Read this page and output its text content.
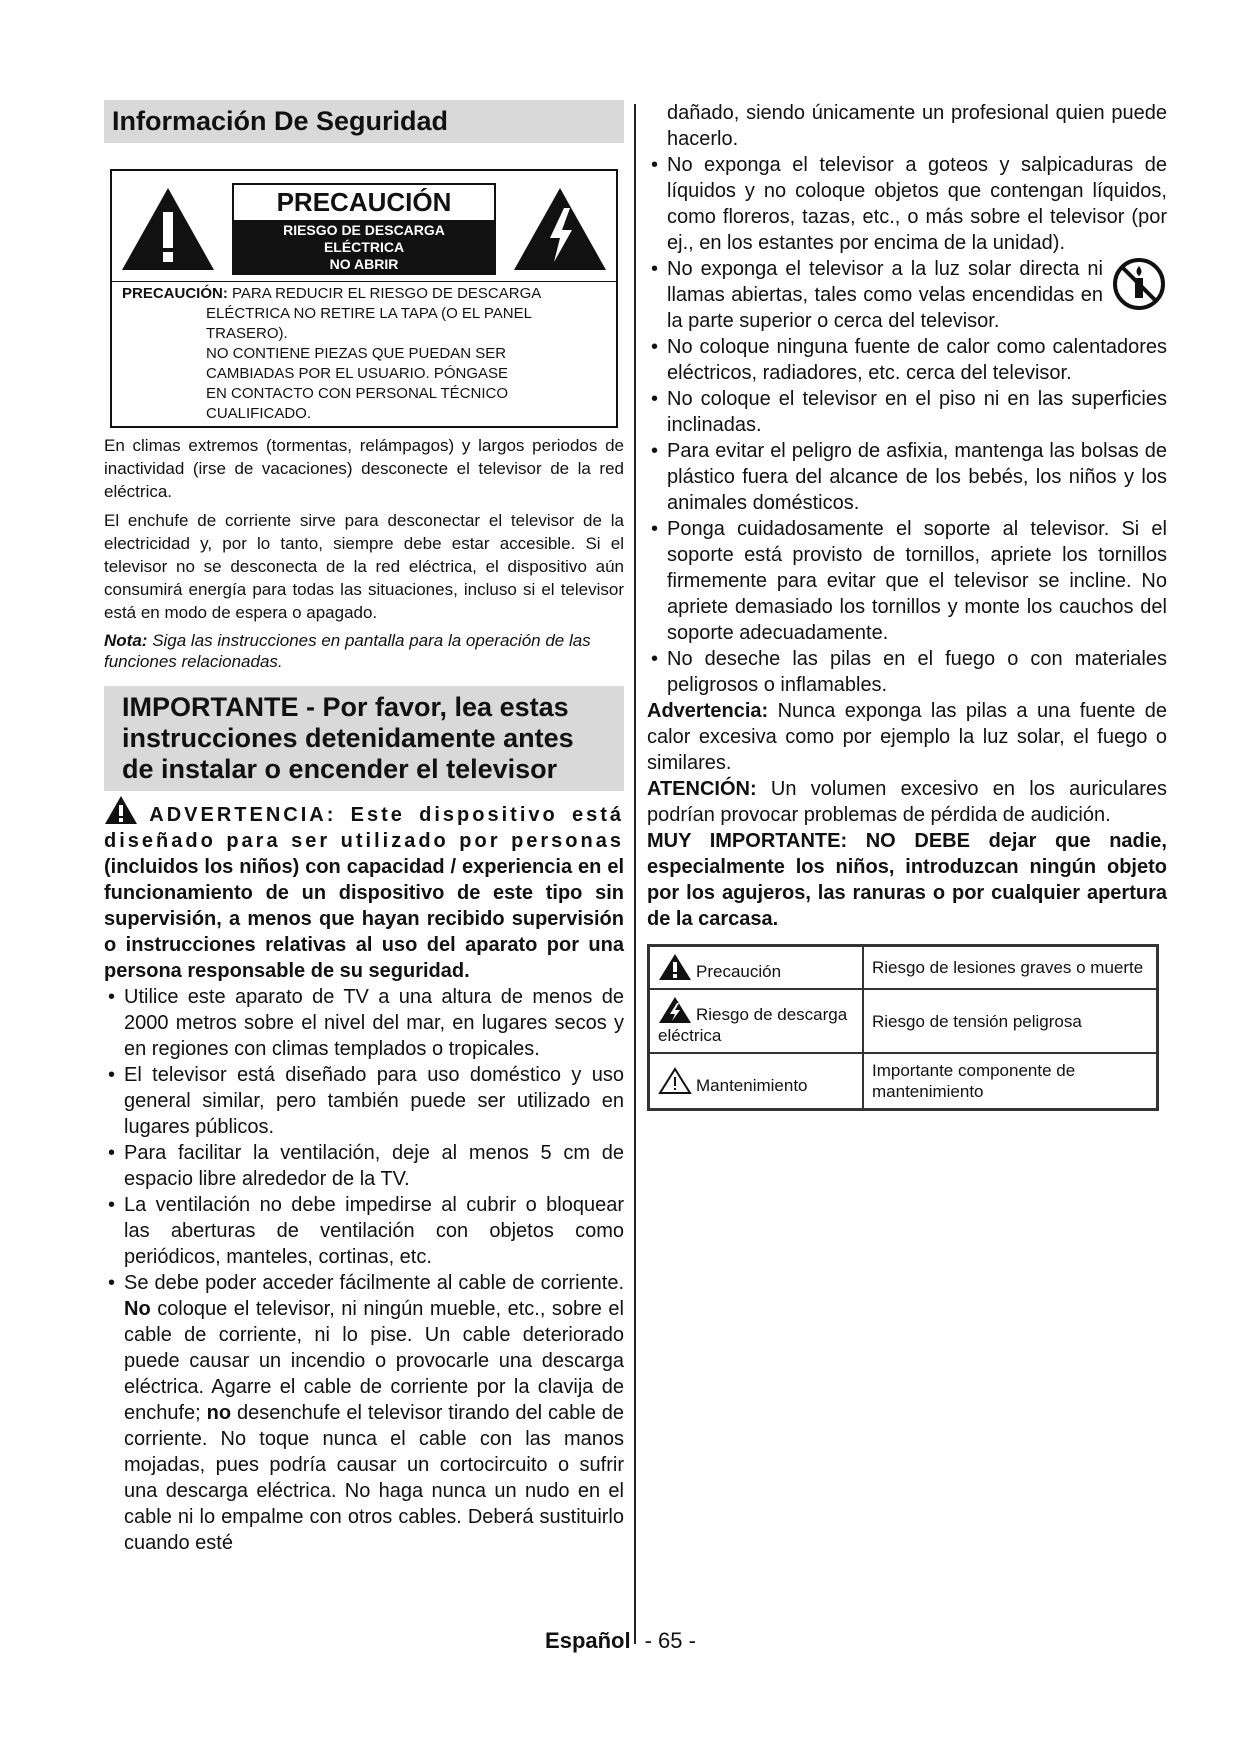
Información De Seguridad
PRECAUCIÓN
RIESGO DE DESCARGA
ELÉCTRICA
NO ABRIR
PRECAUCIÓN: PARA REDUCIR EL RIESGO DE DESCARGA
ELÉCTRICA NO RETIRE LA TAPA (O EL PANEL
TRASERO).
NO CONTIENE PIEZAS QUE PUEDAN SER
CAMBIADAS POR EL USUARIO. PÓNGASE
EN CONTACTO CON PERSONAL TÉCNICO
CUALIFICADO.

En climas extremos (tormentas, relámpagos) y largos periodos de inactividad (irse de vacaciones) desconecte el televisor de la red eléctrica.

El enchufe de corriente sirve para desconectar el televisor de la electricidad y, por lo tanto, siempre debe estar accesible. Si el televisor no se desconecta de la red eléctrica, el dispositivo aún consumirá energía para todas las situaciones, incluso si el televisor está en modo de espera o apagado.

Nota: Siga las instrucciones en pantalla para la operación de las funciones relacionadas.

IMPORTANTE - Por favor, lea estas instrucciones detenidamente antes de instalar o encender el televisor
ADVERTENCIA: Este dispositivo está diseñado para ser utilizado por personas (incluidos los niños) con capacidad / experiencia en el funcionamiento de un dispositivo de este tipo sin supervisión, a menos que hayan recibido supervisión o instrucciones relativas al uso del aparato por una persona responsable de su seguridad.
• Utilice este aparato de TV a una altura de menos de 2000 metros sobre el nivel del mar, en lugares secos y en regiones con climas templados o tropicales.
• El televisor está diseñado para uso doméstico y uso general similar, pero también puede ser utilizado en lugares públicos.
• Para facilitar la ventilación, deje al menos 5 cm de espacio libre alrededor de la TV.
• La ventilación no debe impedirse al cubrir o bloquear las aberturas de ventilación con objetos como periódicos, manteles, cortinas, etc.
• Se debe poder acceder fácilmente al cable de corriente. No coloque el televisor, ni ningún mueble, etc., sobre el cable de corriente, ni lo pise. Un cable deteriorado puede causar un incendio o provocarle una descarga eléctrica. Agarre el cable de corriente por la clavija de enchufe; no desenchufe el televisor tirando del cable de corriente. No toque nunca el cable con las manos mojadas, pues podría causar un cortocircuito o sufrir una descarga eléctrica. No haga nunca un nudo en el cable ni lo empalme con otros cables. Deberá sustituirlo cuando esté

dañado, siendo únicamente un profesional quien puede hacerlo.

• No exponga el televisor a goteos y salpicaduras de líquidos y no coloque objetos que contengan líquidos, como floreros, tazas, etc., o más sobre el televisor (por ej., en los estantes por encima de la unidad).
• No exponga el televisor a la luz solar directa ni llamas abiertas, tales como velas encendidas en la parte superior o cerca del televisor.
• No coloque ninguna fuente de calor como calentadores eléctricos, radiadores, etc. cerca del televisor.
• No coloque el televisor en el piso ni en las superficies inclinadas.
• Para evitar el peligro de asfixia, mantenga las bolsas de plástico fuera del alcance de los bebés, los niños y los animales domésticos.
• Ponga cuidadosamente el soporte al televisor. Si el soporte está provisto de tornillos, apriete los tornillos firmemente para evitar que el televisor se incline. No apriete demasiado los tornillos y monte los cauchos del soporte adecuadamente.
• No deseche las pilas en el fuego o con materiales peligrosos o inflamables.

Advertencia: Nunca exponga las pilas a una fuente de calor excesiva como por ejemplo la luz solar, el fuego o similares.

ATENCIÓN: Un volumen excesivo en los auriculares podrían provocar problemas de pérdida de audición.

MUY IMPORTANTE: NO DEBE dejar que nadie, especialmente los niños, introduzcan ningún objeto por los agujeros, las ranuras o por cualquier apertura de la carcasa.

Precaución	Riesgo de lesiones graves o muerte
Riesgo de descarga eléctrica	Riesgo de tensión peligrosa
Mantenimiento	Importante componente de mantenimiento
Español - 65 -
